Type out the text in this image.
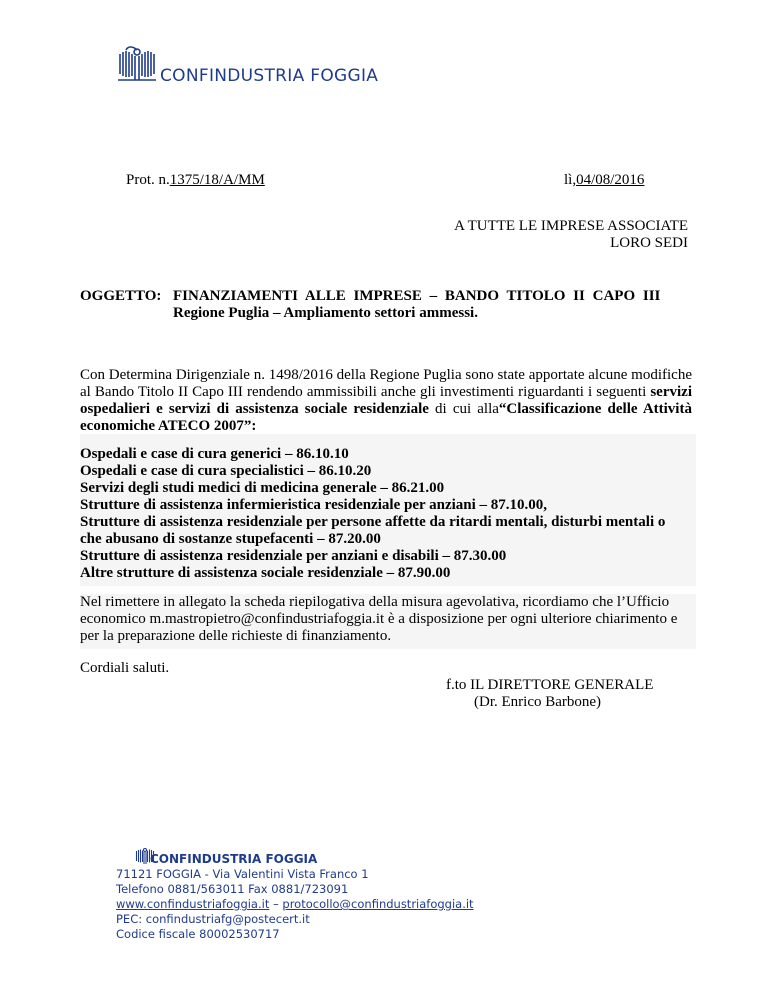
CONFINDUSTRIA FOGGIA
Prot. n.1375/18/A/MM	lì,04/08/2016
A TUTTE LE IMPRESE ASSOCIATE
LORO SEDI
OGGETTO: FINANZIAMENTI ALLE IMPRESE – BANDO TITOLO II CAPO III
Regione Puglia – Ampliamento settori ammessi.
Con Determina Dirigenziale n. 1498/2016 della Regione Puglia sono state apportate alcune modifiche al Bando Titolo II Capo III rendendo ammissibili anche gli investimenti riguardanti i seguenti servizi ospedalieri e servizi di assistenza sociale residenziale di cui alla“Classificazione delle Attività economiche ATECO 2007”:
Ospedali e case di cura generici – 86.10.10
Ospedali e case di cura specialistici – 86.10.20
Servizi degli studi medici di medicina generale – 86.21.00
Strutture di assistenza infermieristica residenziale per anziani – 87.10.00,
Strutture di assistenza residenziale per persone affette da ritardi mentali, disturbi mentali o
che abusano di sostanze stupefacenti – 87.20.00
Strutture di assistenza residenziale per anziani e disabili – 87.30.00
Altre strutture di assistenza sociale residenziale – 87.90.00
Nel rimettere in allegato la scheda riepilogativa della misura agevolativa, ricordiamo che l’Ufficio economico m.mastropietro@confindustriafoggia.it è a disposizione per ogni ulteriore chiarimento e per la preparazione delle richieste di finanziamento.
Cordiali saluti.
f.to IL DIRETTORE GENERALE
(Dr. Enrico Barbone)
CONFINDUSTRIA FOGGIA
71121 FOGGIA - Via Valentini Vista Franco 1
Telefono 0881/563011 Fax 0881/723091
www.confindustriafoggia.it – protocollo@confindustriafoggia.it
PEC: confindustriafg@postecert.it
Codice fiscale 80002530717
